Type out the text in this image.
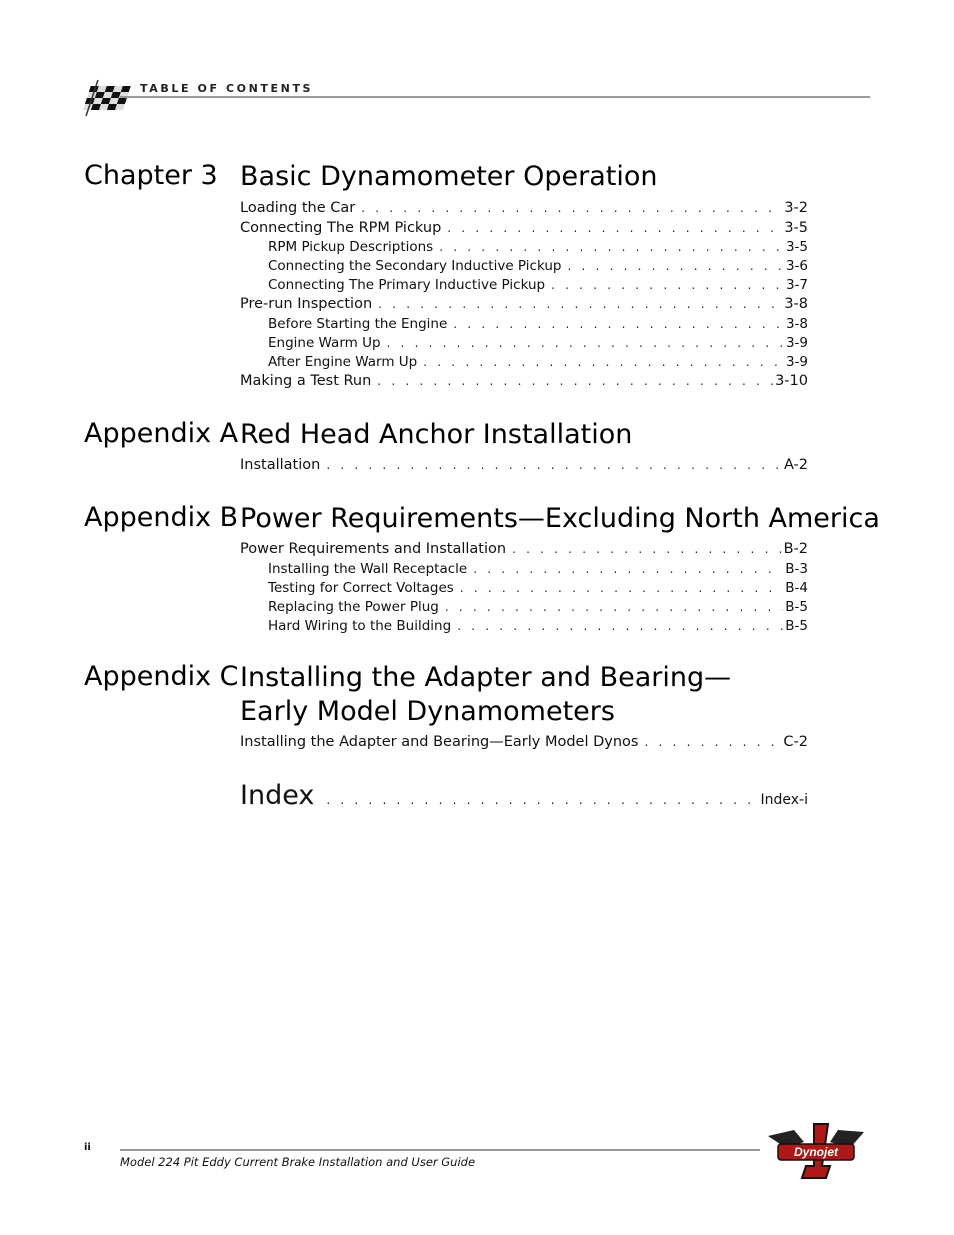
TABLE OF CONTENTS
Chapter 3 Basic Dynamometer Operation
Loading the Car . . .	3-2
Connecting The RPM Pickup . . .	3-5
RPM Pickup Descriptions . . .	3-5
Connecting the Secondary Inductive Pickup . . .	3-6
Connecting The Primary Inductive Pickup . . .	3-7
Pre-run Inspection . . .	3-8
Before Starting the Engine . . .	3-8
Engine Warm Up . . .	3-9
After Engine Warm Up . . .	3-9
Making a Test Run . . .	3-10
Appendix A Red Head Anchor Installation
Installation . . .	A-2
Appendix B Power Requirements—Excluding North America
Power Requirements and Installation . . .	B-2
Installing the Wall Receptacle . . .	B-3
Testing for Correct Voltages . . .	B-4
Replacing the Power Plug . . .	B-5
Hard Wiring to the Building . . .	B-5
Appendix C Installing the Adapter and Bearing—
Early Model Dynamometers
Installing the Adapter and Bearing—Early Model Dynos . . .	C-2
Index . . .	Index-i
ii
Model 224 Pit Eddy Current Brake Installation and User Guide
Dynojet
